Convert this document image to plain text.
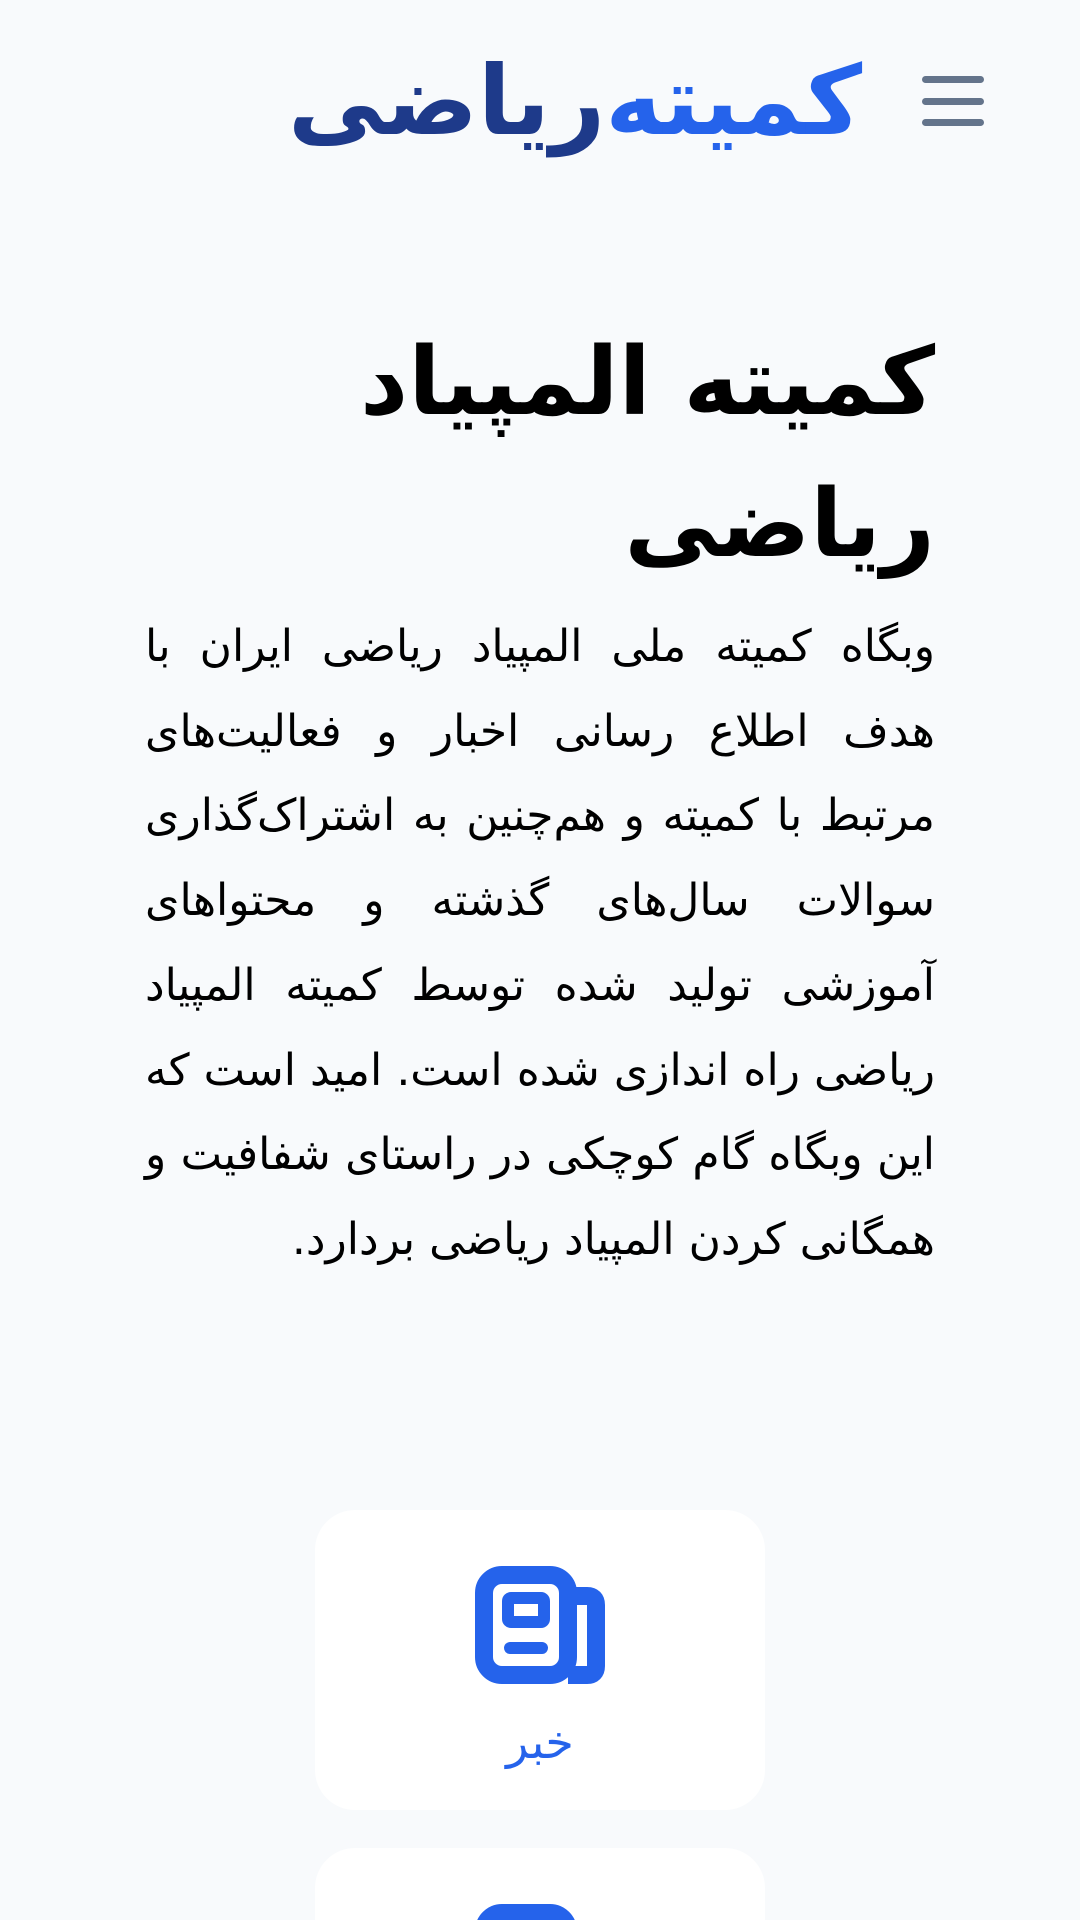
کمیته
ریاضی
کمیته المپیاد ریاضی

وبگاه کمیته ملی المپیاد ریاضی ایران با هدف اطلاع رسانی اخبار و فعالیت‌های مرتبط با کمیته و هم‌چنین به اشتراک‌گذاری سوالات سال‌های گذشته و محتواهای آموزشی تولید شده توسط کمیته المپیاد ریاضی راه اندازی شده است. امید است که این وبگاه گام کوچکی در راستای شفافیت و همگانی کردن المپیاد ریاضی بردارد.

خبر
